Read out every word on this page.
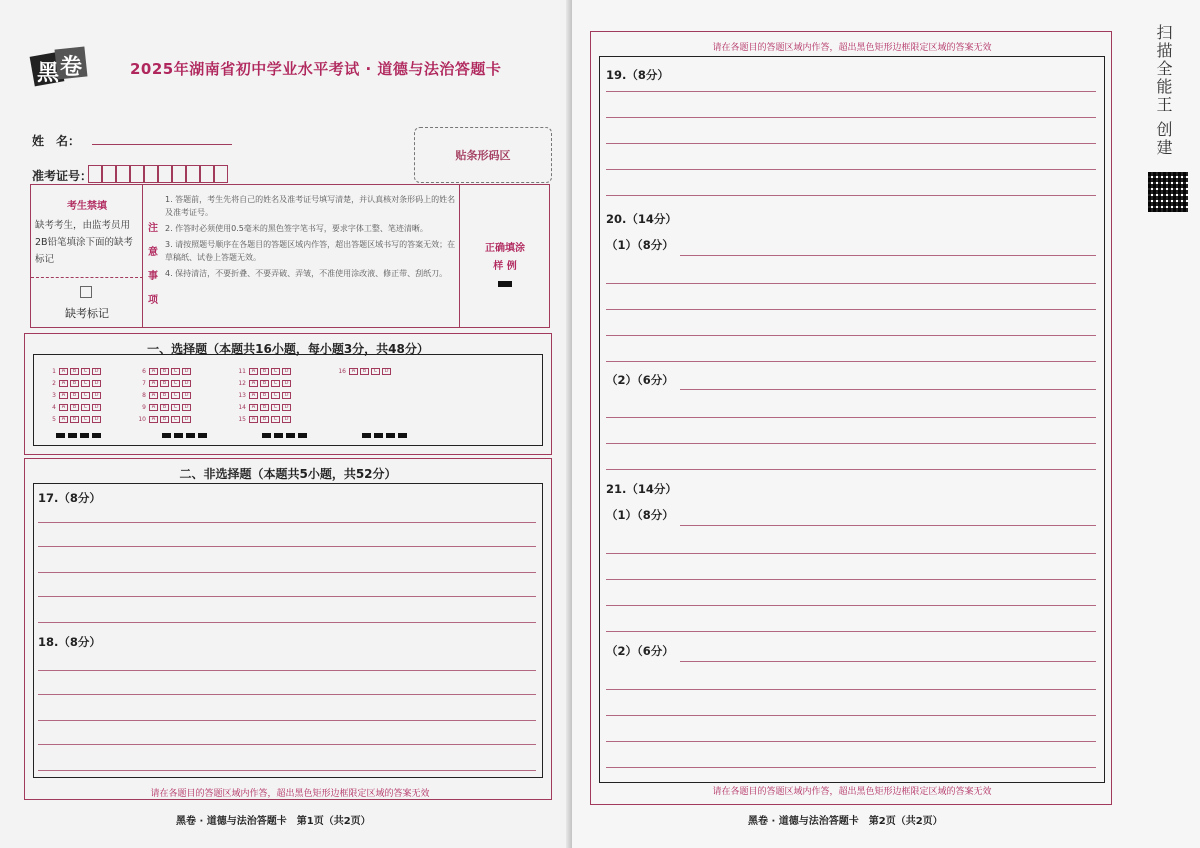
黑 卷	2025年湖南省初中学业水平考试 · 道德与法治答题卡
姓　名：
准考证号：
贴条形码区
考生禁填
缺考考生，由监考员用2B铅笔填涂下面的缺考标记
缺考标记
注
意
事
项
1. 答题前，考生先将自己的姓名及准考证号填写清楚，并认真核对条形码上的姓名及准考证号。
2. 作答时必须使用0.5毫米的黑色签字笔书写，要求字体工整、笔迹清晰。
3. 请按照题号顺序在各题目的答题区域内作答，超出答题区域书写的答案无效；在草稿纸、试卷上答题无效。
4. 保持清洁，不要折叠、不要弄破、弄皱，不准使用涂改液、修正带、刮纸刀。
正确填涂
样 例
一、选择题（本题共16小题，每小题3分，共48分）
1	A	B	C	D
2	A	B	C	D
3	A	B	C	D
4	A	B	C	D
5	A	B	C	D
6	A	B	C	D
7	A	B	C	D
8	A	B	C	D
9	A	B	C	D
10	A	B	C	D
11	A	B	C	D
12	A	B	C	D
13	A	B	C	D
14	A	B	C	D
15	A	B	C	D
16	A	B	C	D
二、非选择题（本题共5小题，共52分）
17.（8分）
18.（8分）
请在各题目的答题区域内作答，超出黑色矩形边框限定区域的答案无效
黑卷 · 道德与法治答题卡　第1页（共2页）
请在各题目的答题区域内作答，超出黑色矩形边框限定区域的答案无效
19.（8分）
20.（14分）
（1）（8分）
（2）（6分）
21.（14分）
（1）（8分）
（2）（6分）
请在各题目的答题区域内作答，超出黑色矩形边框限定区域的答案无效
黑卷 · 道德与法治答题卡　第2页（共2页）
扫描全能王 创建
